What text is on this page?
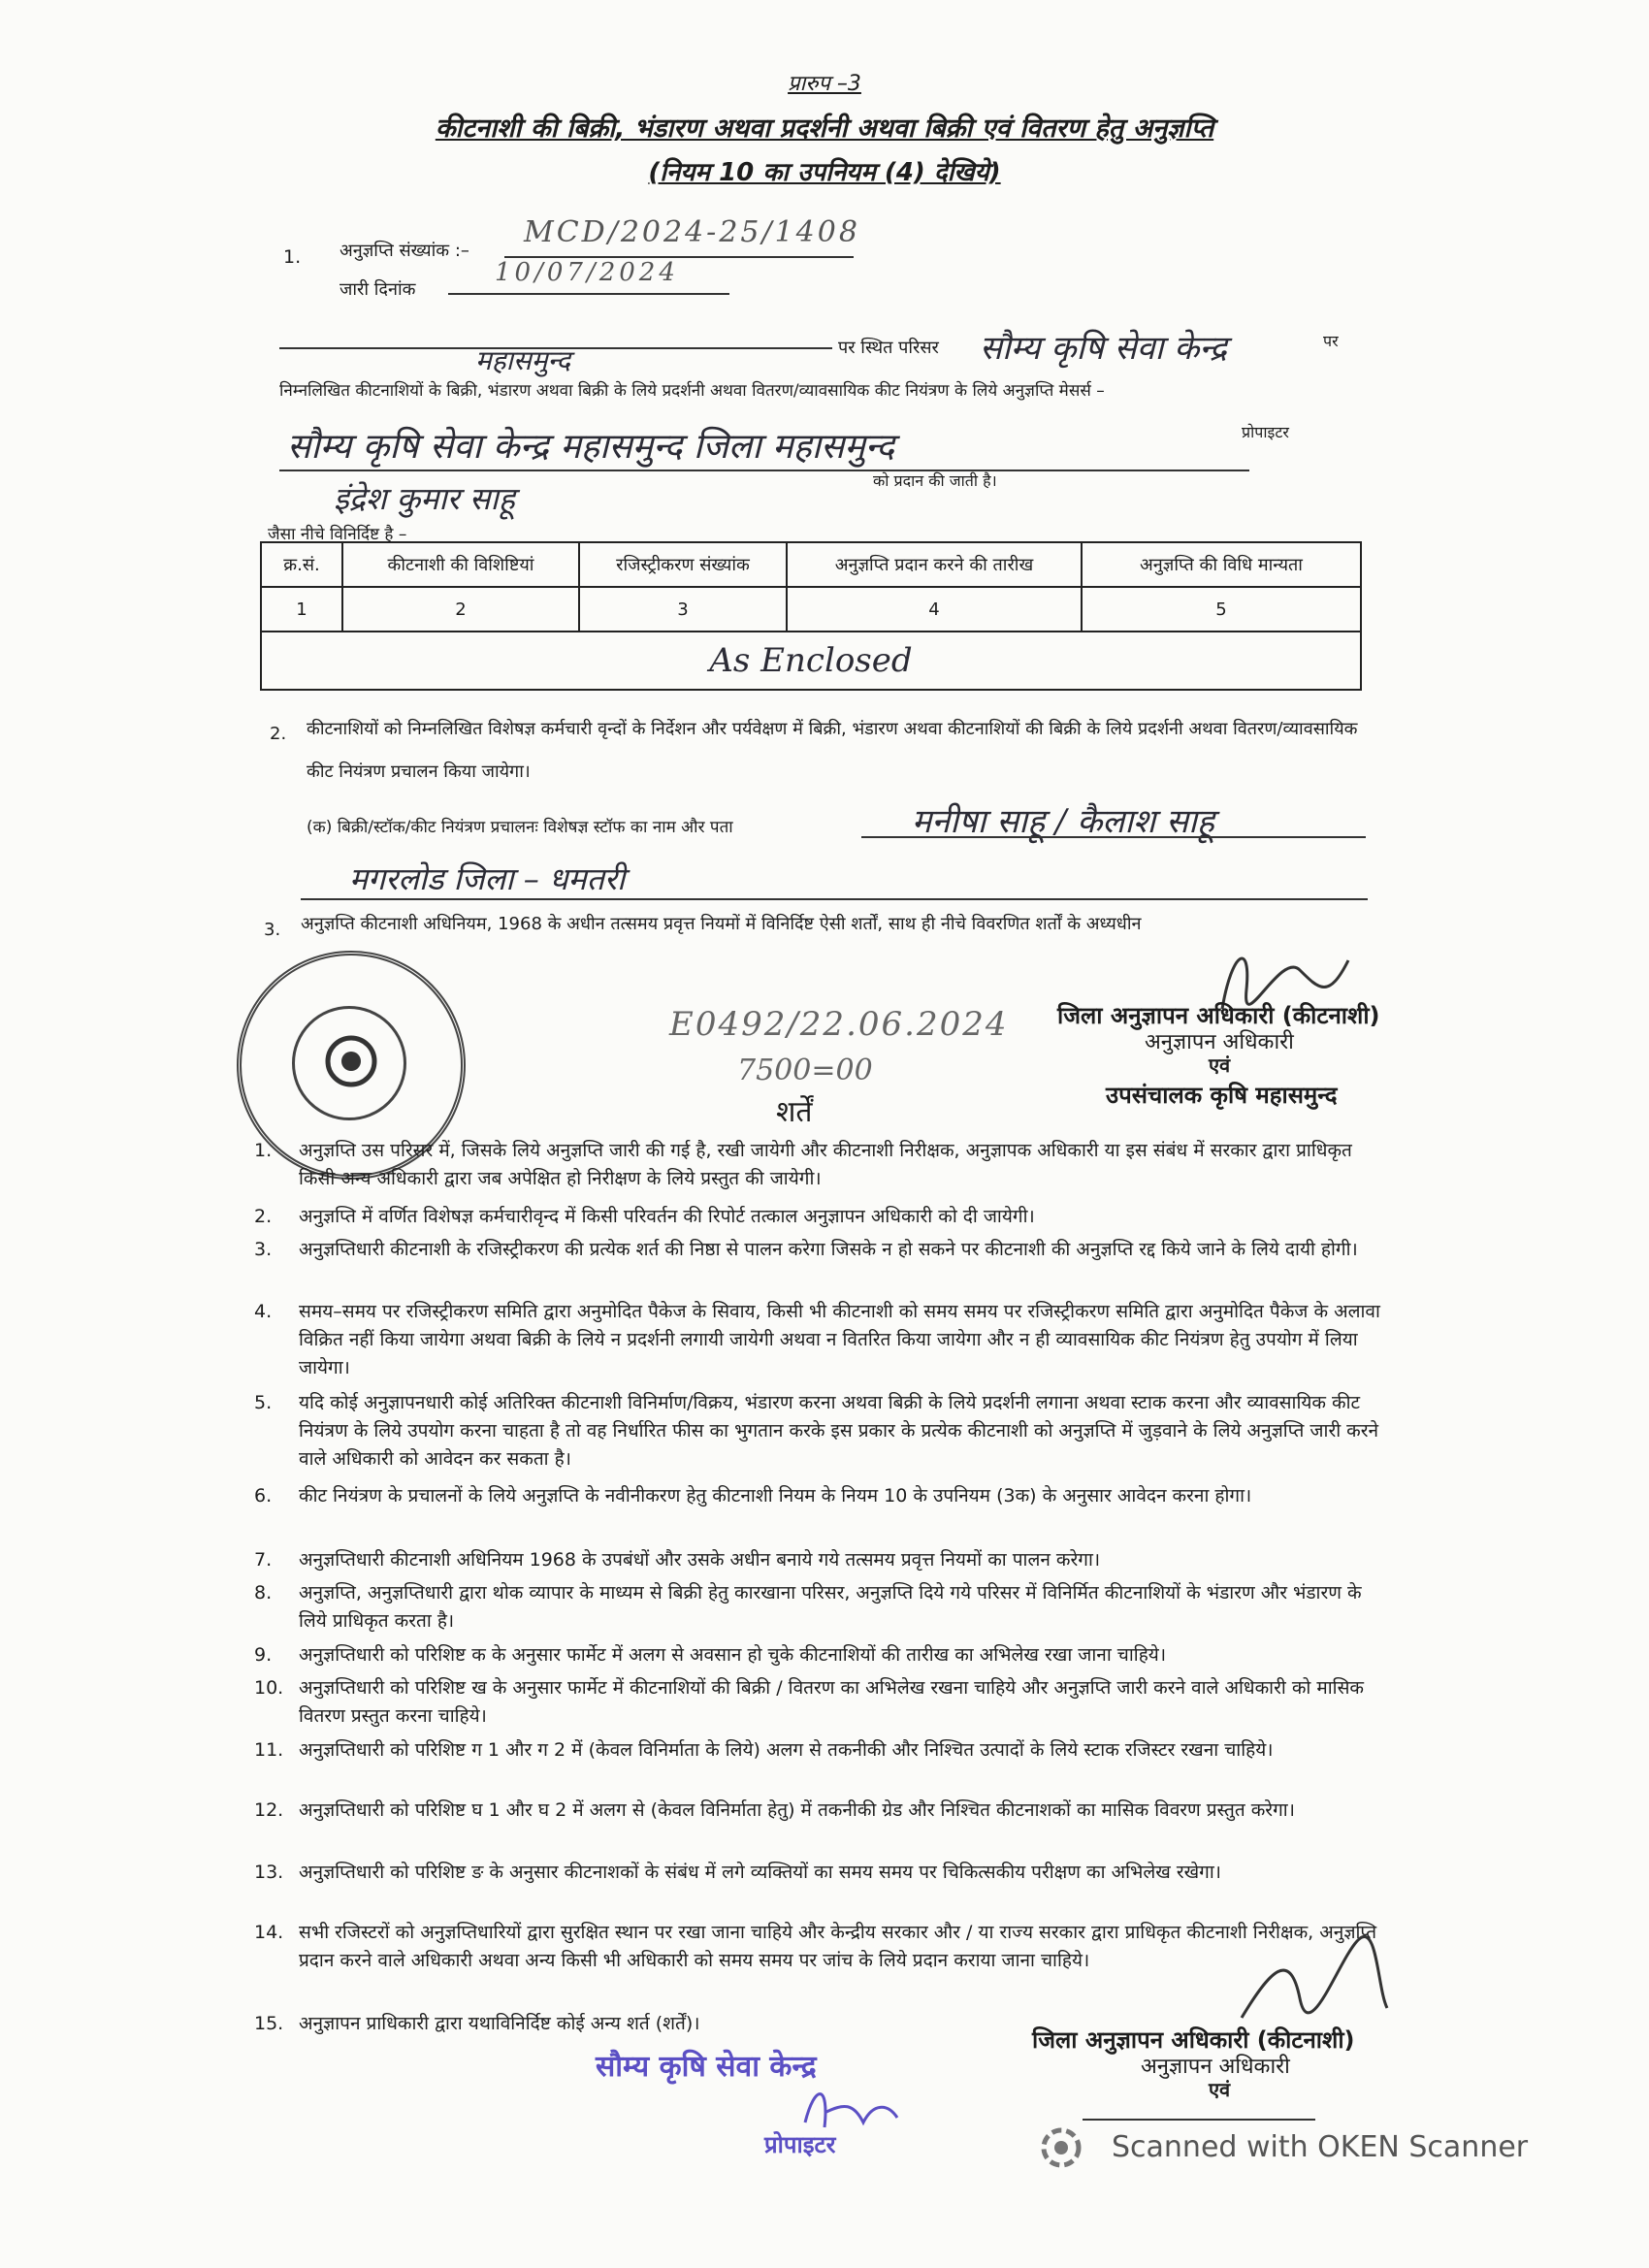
प्रारुप –3
कीटनाशी की बिक्री, भंडारण अथवा प्रदर्शनी अथवा बिक्री एवं वितरण हेतु अनुज्ञप्ति
(नियम 10 का उपनियम (4) देखिये)
1. अनुज्ञप्ति संख्यांक :–
MCD/2024-25/1408
जारी दिनांक
10/07/2024
महासमुन्द	पर स्थित परिसर सौम्य कृषि सेवा केन्द्र	पर
निम्नलिखित कीटनाशियों के बिक्री, भंडारण अथवा बिक्री के लिये प्रदर्शनी अथवा वितरण/व्यावसायिक कीट नियंत्रण के लिये अनुज्ञप्ति मेसर्स –
सौम्य कृषि सेवा केन्द्र महासमुन्द जिला महासमुन्द	प्रोपाइटर
इंद्रेश कुमार साहू	को प्रदान की जाती है।
जैसा नीचे विनिर्दिष्ट है –
क्र.सं.	कीटनाशी की विशिष्टियां	रजिस्ट्रीकरण संख्यांक	अनुज्ञप्ति प्रदान करने की तारीख	अनुज्ञप्ति की विधि मान्यता
1	2	3	4	5
As Enclosed				
2. कीटनाशियों को निम्नलिखित विशेषज्ञ कर्मचारी वृन्दों के निर्देशन और पर्यवेक्षण में बिक्री, भंडारण अथवा कीटनाशियों की बिक्री के लिये प्रदर्शनी अथवा वितरण/व्यावसायिक कीट नियंत्रण प्रचालन किया जायेगा।
(क) बिक्री/स्टॉक/कीट नियंत्रण प्रचालनः विशेषज्ञ स्टॉफ का नाम और पता	मनीषा साहू / कैलाश साहू
मगरलोड जिला – धमतरी
3. अनुज्ञप्ति कीटनाशी अधिनियम, 1968 के अधीन तत्समय प्रवृत्त नियमों में विनिर्दिष्ट ऐसी शर्तों, साथ ही नीचे विवरणित शर्तों के अध्यधीन
E0492/22.06.2024
7500=00
जिला अनुज्ञापन अधिकारी (कीटनाशी)
अनुज्ञापन अधिकारी
एवं
उपसंचालक कृषि महासमुन्द
शर्तें
1.	अनुज्ञप्ति उस परिसर में, जिसके लिये अनुज्ञप्ति जारी की गई है, रखी जायेगी और कीटनाशी निरीक्षक, अनुज्ञापक अधिकारी या इस संबंध में सरकार द्वारा प्राधिकृत किसी अन्य अधिकारी द्वारा जब अपेक्षित हो निरीक्षण के लिये प्रस्तुत की जायेगी।
2.	अनुज्ञप्ति में वर्णित विशेषज्ञ कर्मचारीवृन्द में किसी परिवर्तन की रिपोर्ट तत्काल अनुज्ञापन अधिकारी को दी जायेगी।
3.	अनुज्ञप्तिधारी कीटनाशी के रजिस्ट्रीकरण की प्रत्येक शर्त की निष्ठा से पालन करेगा जिसके न हो सकने पर कीटनाशी की अनुज्ञप्ति रद्द किये जाने के लिये दायी होगी।
4.	समय–समय पर रजिस्ट्रीकरण समिति द्वारा अनुमोदित पैकेज के सिवाय, किसी भी कीटनाशी को समय समय पर रजिस्ट्रीकरण समिति द्वारा अनुमोदित पैकेज के अलावा विक्रित नहीं किया जायेगा अथवा बिक्री के लिये न प्रदर्शनी लगायी जायेगी अथवा न वितरित किया जायेगा और न ही व्यावसायिक कीट नियंत्रण हेतु उपयोग में लिया जायेगा।
5.	यदि कोई अनुज्ञापनधारी कोई अतिरिक्त कीटनाशी विनिर्माण/विक्रय, भंडारण करना अथवा बिक्री के लिये प्रदर्शनी लगाना अथवा स्टाक करना और व्यावसायिक कीट नियंत्रण के लिये उपयोग करना चाहता है तो वह निर्धारित फीस का भुगतान करके इस प्रकार के प्रत्येक कीटनाशी को अनुज्ञप्ति में जुड़वाने के लिये अनुज्ञप्ति जारी करने वाले अधिकारी को आवेदन कर सकता है।
6.	कीट नियंत्रण के प्रचालनों के लिये अनुज्ञप्ति के नवीनीकरण हेतु कीटनाशी नियम के नियम 10 के उपनियम (3क) के अनुसार आवेदन करना होगा।
7.	अनुज्ञप्तिधारी कीटनाशी अधिनियम 1968 के उपबंधों और उसके अधीन बनाये गये तत्समय प्रवृत्त नियमों का पालन करेगा।
8.	अनुज्ञप्ति, अनुज्ञप्तिधारी द्वारा थोक व्यापार के माध्यम से बिक्री हेतु कारखाना परिसर, अनुज्ञप्ति दिये गये परिसर में विनिर्मित कीटनाशियों के भंडारण और भंडारण के लिये प्राधिकृत करता है।
9.	अनुज्ञप्तिधारी को परिशिष्ट क के अनुसार फार्मेट में अलग से अवसान हो चुके कीटनाशियों की तारीख का अभिलेख रखा जाना चाहिये।
10. अनुज्ञप्तिधारी को परिशिष्ट ख के अनुसार फार्मेट में कीटनाशियों की बिक्री / वितरण का अभिलेख रखना चाहिये और अनुज्ञप्ति जारी करने वाले अधिकारी को मासिक वितरण प्रस्तुत करना चाहिये।
11. अनुज्ञप्तिधारी को परिशिष्ट ग 1 और ग 2 में (केवल विनिर्माता के लिये) अलग से तकनीकी और निश्चित उत्पादों के लिये स्टाक रजिस्टर रखना चाहिये।
12. अनुज्ञप्तिधारी को परिशिष्ट घ 1 और घ 2 में अलग से (केवल विनिर्माता हेतु) में तकनीकी ग्रेड और निश्चित कीटनाशकों का मासिक विवरण प्रस्तुत करेगा।
13. अनुज्ञप्तिधारी को परिशिष्ट ङ के अनुसार कीटनाशकों के संबंध में लगे व्यक्तियों का समय समय पर चिकित्सकीय परीक्षण का अभिलेख रखेगा।
14. सभी रजिस्टरों को अनुज्ञप्तिधारियों द्वारा सुरक्षित स्थान पर रखा जाना चाहिये और केन्द्रीय सरकार और / या राज्य सरकार द्वारा प्राधिकृत कीटनाशी निरीक्षक, अनुज्ञप्ति प्रदान करने वाले अधिकारी अथवा अन्य किसी भी अधिकारी को समय समय पर जांच के लिये प्रदान कराया जाना चाहिये।
15. अनुज्ञापन प्राधिकारी द्वारा यथाविनिर्दिष्ट कोई अन्य शर्त (शर्तें)।
जिला अनुज्ञापन अधिकारी (कीटनाशी)
अनुज्ञापन अधिकारी
एवं
सौम्य कृषि सेवा केन्द्र
प्रोपाइटर	Scanned with OKEN Scanner
